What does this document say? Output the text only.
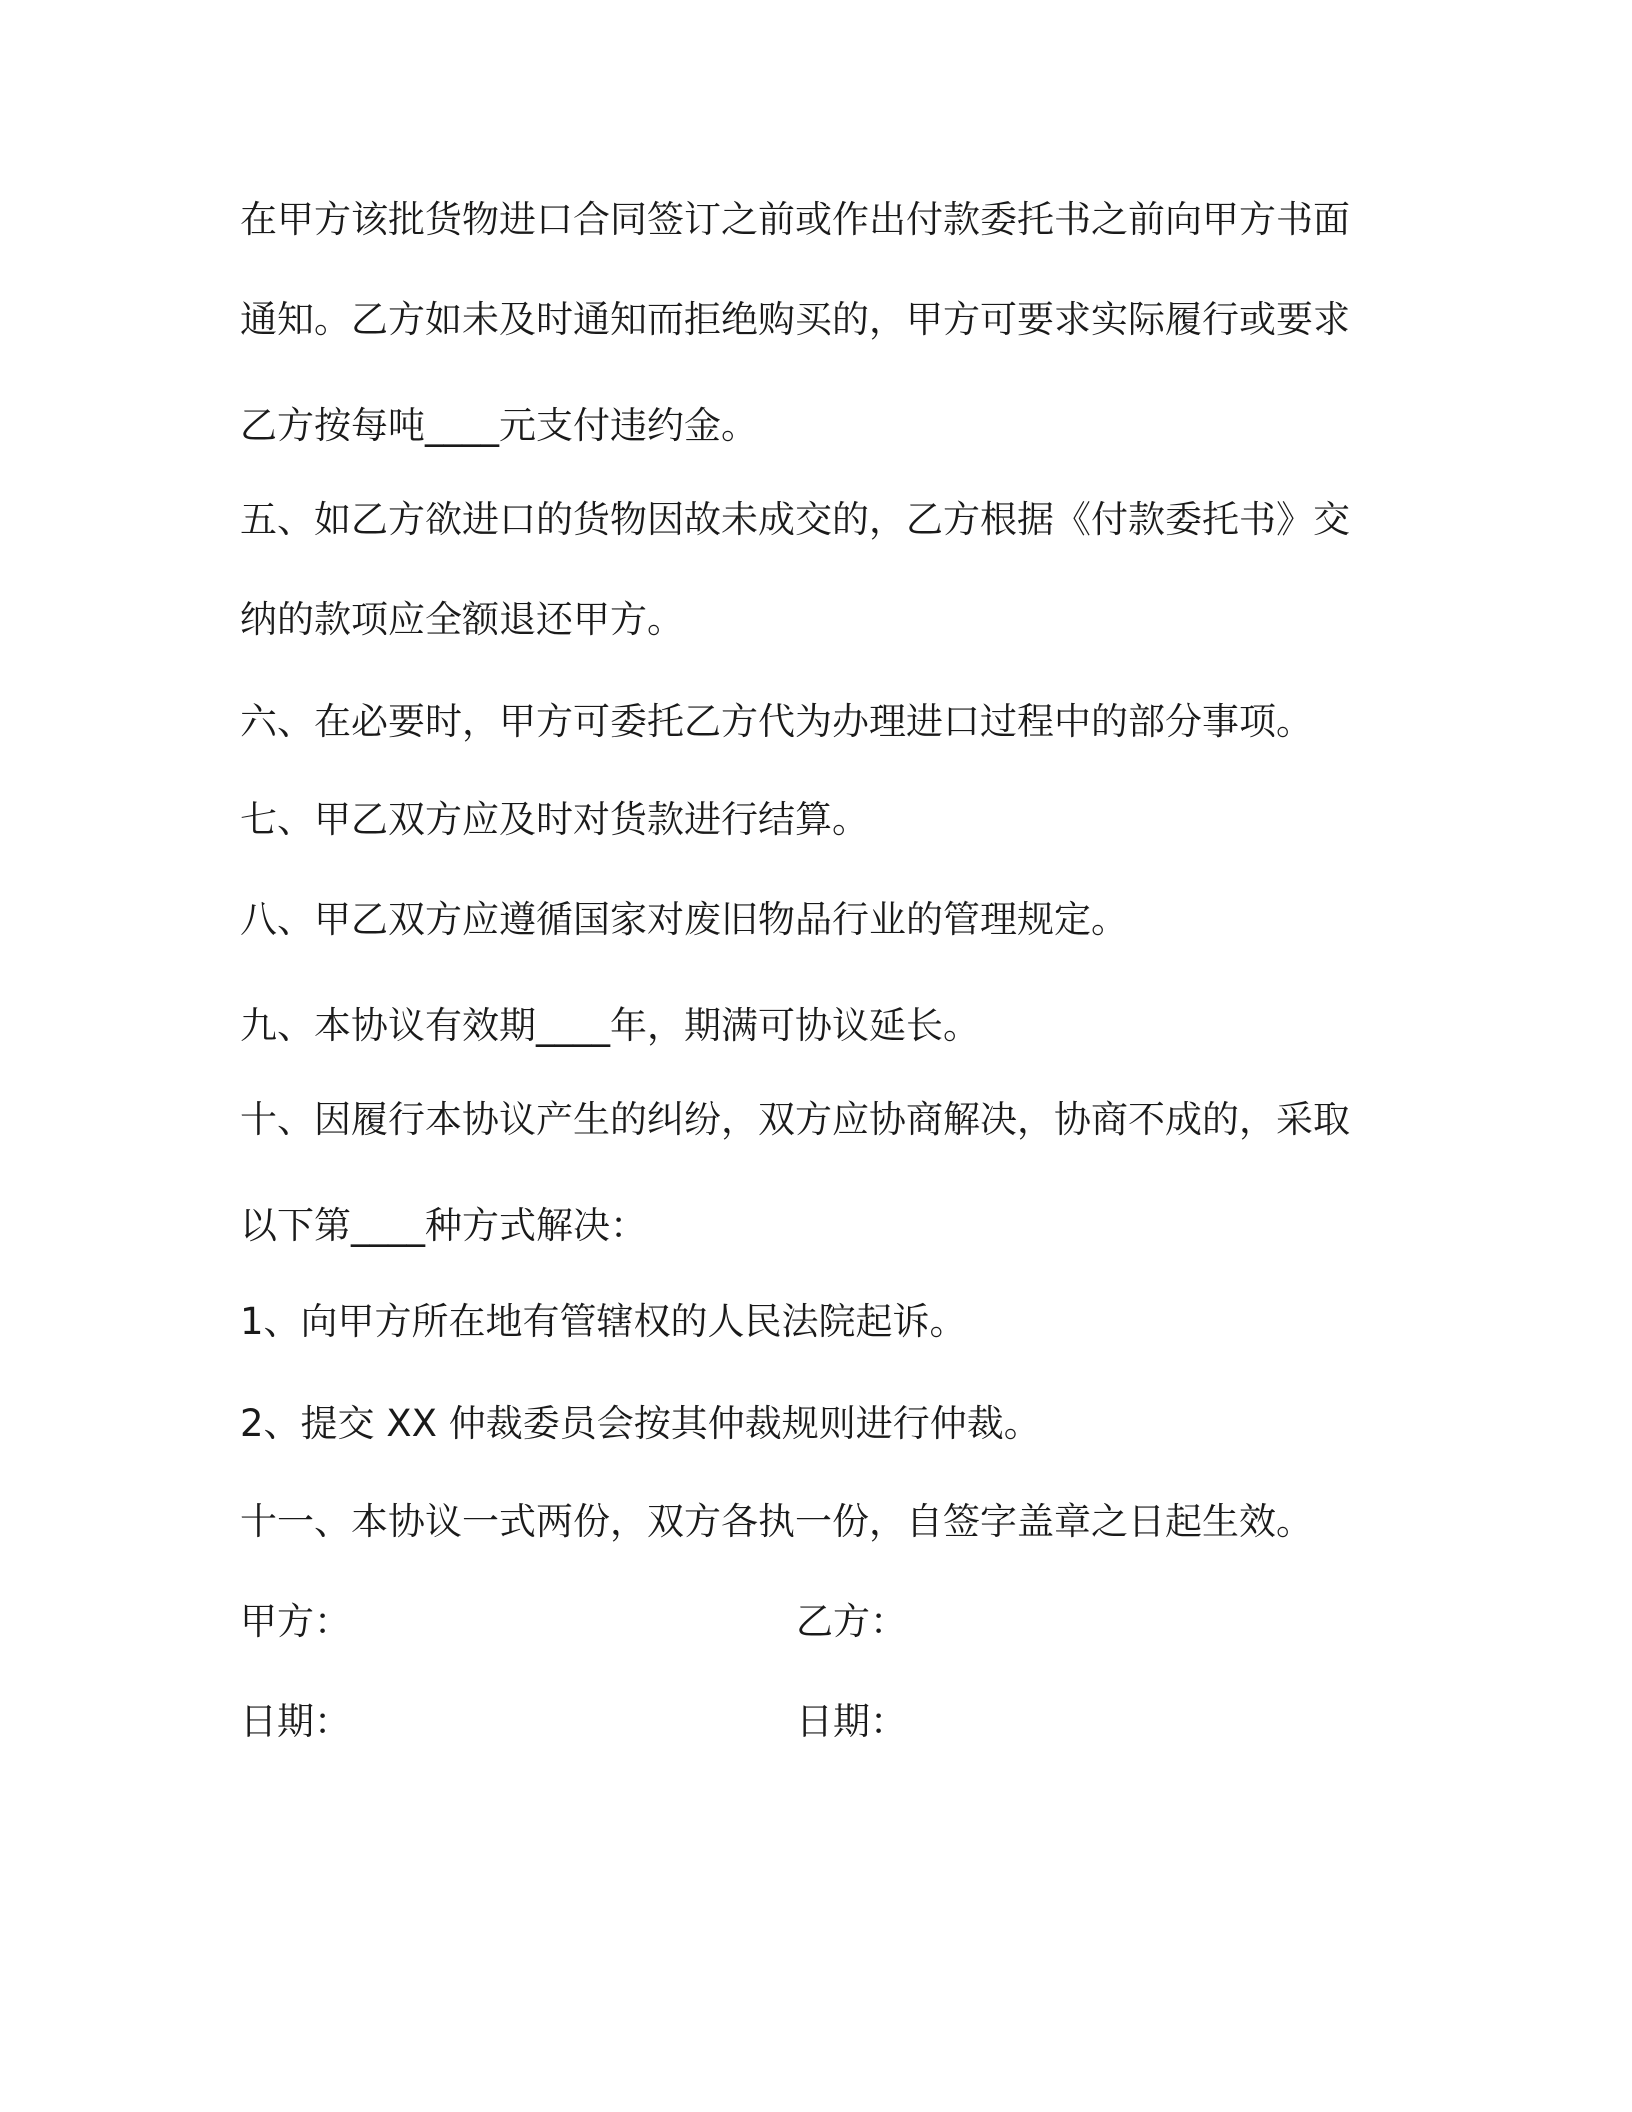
在甲方该批货物进口合同签订之前或作出付款委托书之前向甲方书面
通知。乙方如未及时通知而拒绝购买的，甲方可要求实际履行或要求
乙方按每吨____元支付违约金。
五、如乙方欲进口的货物因故未成交的，乙方根据《付款委托书》交
纳的款项应全额退还甲方。
六、在必要时，甲方可委托乙方代为办理进口过程中的部分事项。
七、甲乙双方应及时对货款进行结算。
八、甲乙双方应遵循国家对废旧物品行业的管理规定。
九、本协议有效期____年，期满可协议延长。
十、因履行本协议产生的纠纷，双方应协商解决，协商不成的，采取
以下第____种方式解决：
1、向甲方所在地有管辖权的人民法院起诉。
2、提交 XX 仲裁委员会按其仲裁规则进行仲裁。
十一、本协议一式两份，双方各执一份，自签字盖章之日起生效。
甲方：	乙方：
日期：	日期：
